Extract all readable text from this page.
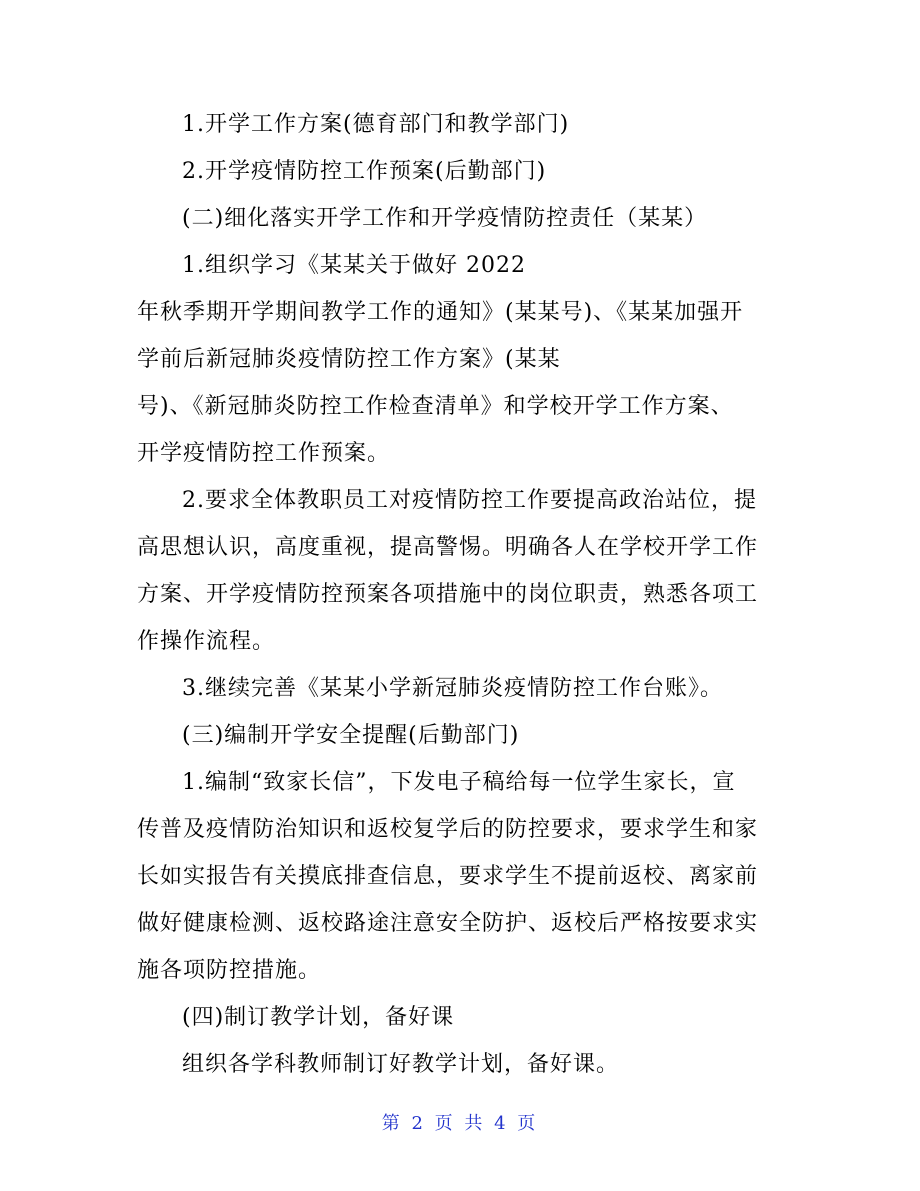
1.开学工作方案(德育部门和教学部门)
2.开学疫情防控工作预案(后勤部门)
(二)细化落实开学工作和开学疫情防控责任（某某）
1.组织学习《某某关于做好 2022
年秋季期开学期间教学工作的通知》(某某号)、《某某加强开
学前后新冠肺炎疫情防控工作方案》(某某
号)、《新冠肺炎防控工作检查清单》和学校开学工作方案、
开学疫情防控工作预案。
2.要求全体教职员工对疫情防控工作要提高政治站位，提
高思想认识，高度重视，提高警惕。明确各人在学校开学工作
方案、开学疫情防控预案各项措施中的岗位职责，熟悉各项工
作操作流程。
3.继续完善《某某小学新冠肺炎疫情防控工作台账》。
(三)编制开学安全提醒(后勤部门)
1.编制“致家长信”，下发电子稿给每一位学生家长，宣
传普及疫情防治知识和返校复学后的防控要求，要求学生和家
长如实报告有关摸底排查信息，要求学生不提前返校、离家前
做好健康检测、返校路途注意安全防护、返校后严格按要求实
施各项防控措施。
(四)制订教学计划，备好课
组织各学科教师制订好教学计划，备好课。
第 2 页 共 4 页
